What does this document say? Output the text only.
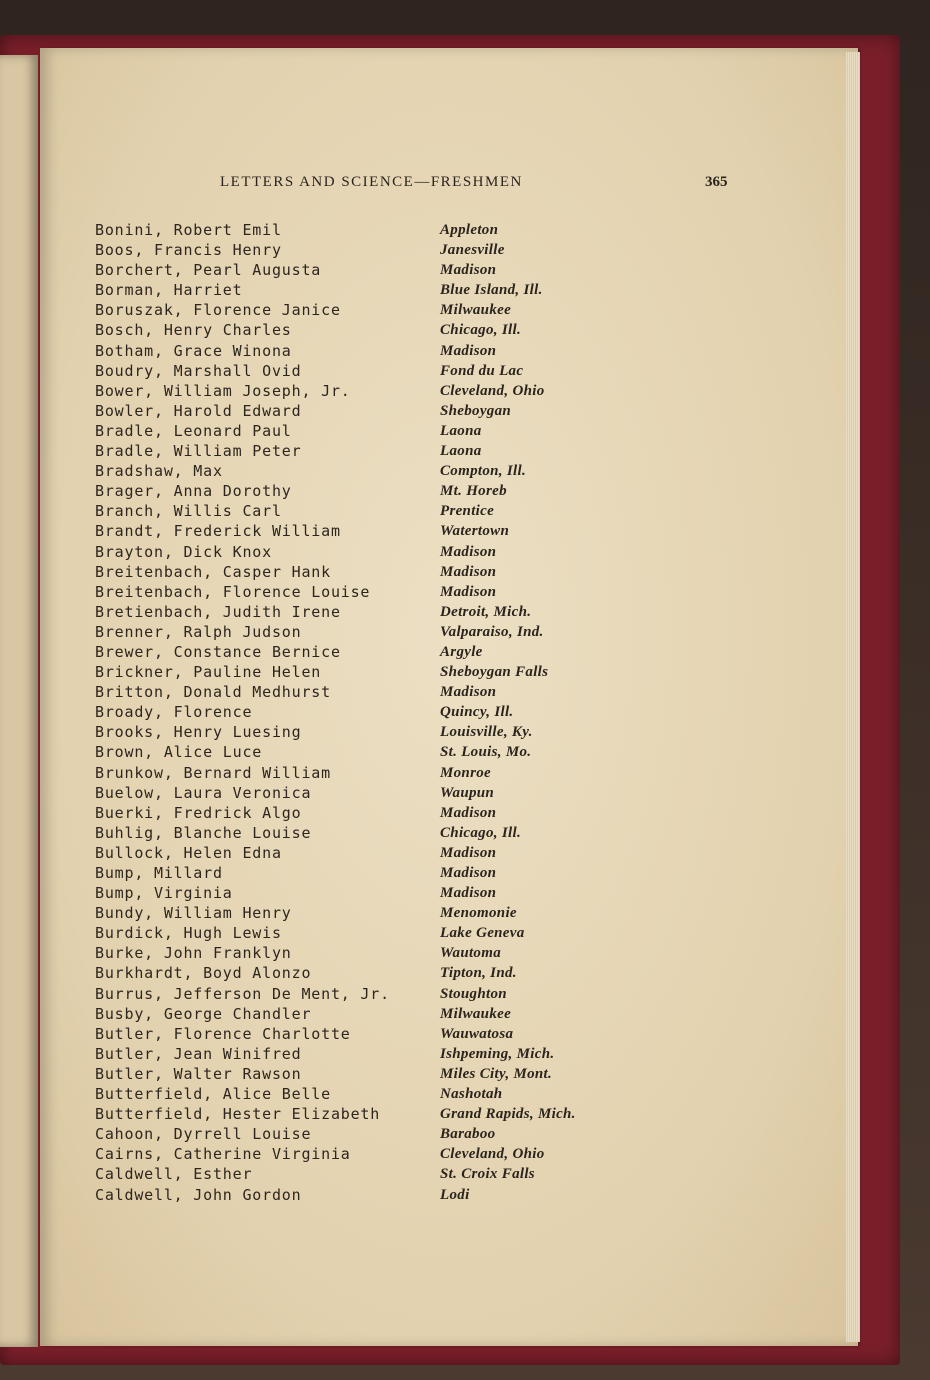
LETTERS AND SCIENCE—FRESHMEN	365
Bonini, Robert Emil
Boos, Francis Henry
Borchert, Pearl Augusta
Borman, Harriet
Boruszak, Florence Janice
Bosch, Henry Charles
Botham, Grace Winona
Boudry, Marshall Ovid
Bower, William Joseph, Jr.
Bowler, Harold Edward
Bradle, Leonard Paul
Bradle, William Peter
Bradshaw, Max
Brager, Anna Dorothy
Branch, Willis Carl
Brandt, Frederick William
Brayton, Dick Knox
Breitenbach, Casper Hank
Breitenbach, Florence Louise
Bretienbach, Judith Irene
Brenner, Ralph Judson
Brewer, Constance Bernice
Brickner, Pauline Helen
Britton, Donald Medhurst
Broady, Florence
Brooks, Henry Luesing
Brown, Alice Luce
Brunkow, Bernard William
Buelow, Laura Veronica
Buerki, Fredrick Algo
Buhlig, Blanche Louise
Bullock, Helen Edna
Bump, Millard
Bump, Virginia
Bundy, William Henry
Burdick, Hugh Lewis
Burke, John Franklyn
Burkhardt, Boyd Alonzo
Burrus, Jefferson De Ment, Jr.
Busby, George Chandler
Butler, Florence Charlotte
Butler, Jean Winifred
Butler, Walter Rawson
Butterfield, Alice Belle
Butterfield, Hester Elizabeth
Cahoon, Dyrrell Louise
Cairns, Catherine Virginia
Caldwell, Esther
Caldwell, John Gordon
Appleton
Janesville
Madison
Blue Island, Ill.
Milwaukee
Chicago, Ill.
Madison
Fond du Lac
Cleveland, Ohio
Sheboygan
Laona
Laona
Compton, Ill.
Mt. Horeb
Prentice
Watertown
Madison
Madison
Madison
Detroit, Mich.
Valparaiso, Ind.
Argyle
Sheboygan Falls
Madison
Quincy, Ill.
Louisville, Ky.
St. Louis, Mo.
Monroe
Waupun
Madison
Chicago, Ill.
Madison
Madison
Madison
Menomonie
Lake Geneva
Wautoma
Tipton, Ind.
Stoughton
Milwaukee
Wauwatosa
Ishpeming, Mich.
Miles City, Mont.
Nashotah
Grand Rapids, Mich.
Baraboo
Cleveland, Ohio
St. Croix Falls
Lodi
